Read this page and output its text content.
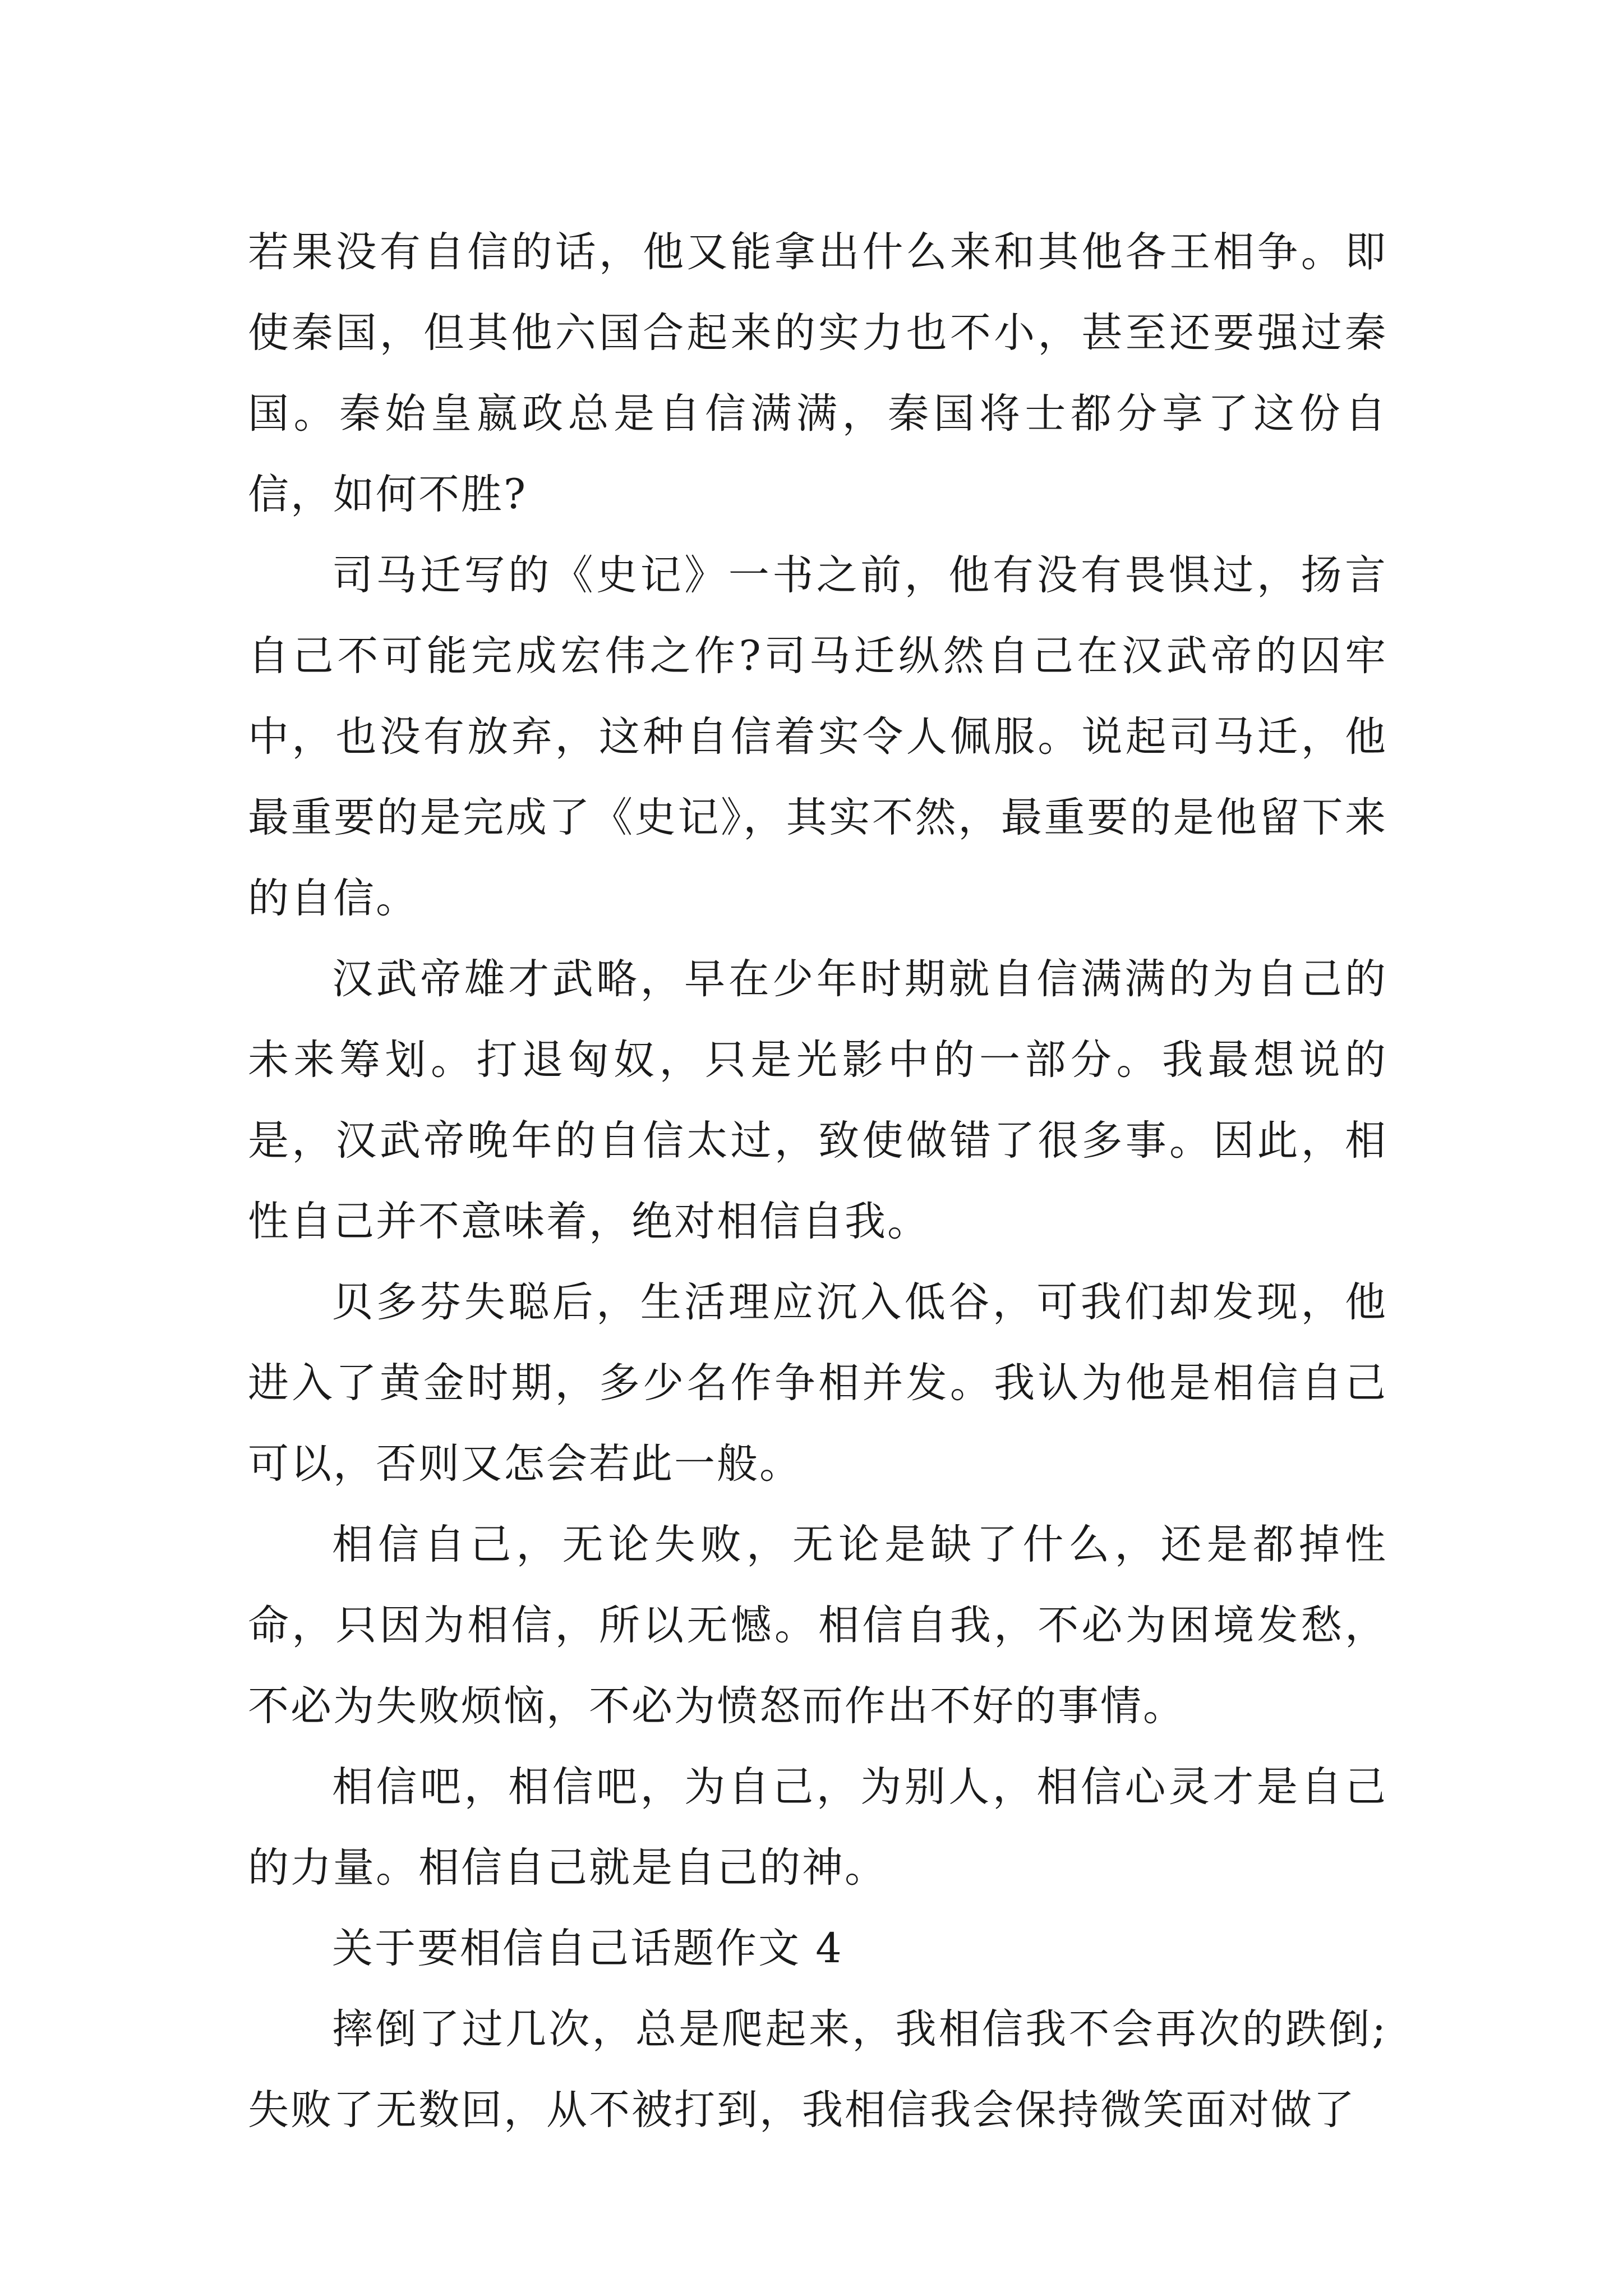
若果没有自信的话，他又能拿出什么来和其他各王相争。即使秦国，但其他六国合起来的实力也不小，甚至还要强过秦国。秦始皇嬴政总是自信满满，秦国将士都分享了这份自信，如何不胜?

司马迁写的《史记》一书之前，他有没有畏惧过，扬言自己不可能完成宏伟之作?司马迁纵然自己在汉武帝的囚牢中，也没有放弃，这种自信着实令人佩服。说起司马迁，他最重要的是完成了《史记》，其实不然，最重要的是他留下来的自信。

汉武帝雄才武略，早在少年时期就自信满满的为自己的未来筹划。打退匈奴，只是光影中的一部分。我最想说的是，汉武帝晚年的自信太过，致使做错了很多事。因此，相性自己并不意味着，绝对相信自我。

贝多芬失聪后，生活理应沉入低谷，可我们却发现，他进入了黄金时期，多少名作争相并发。我认为他是相信自己可以，否则又怎会若此一般。

相信自己，无论失败，无论是缺了什么，还是都掉性命，只因为相信，所以无憾。相信自我，不必为困境发愁，不必为失败烦恼，不必为愤怒而作出不好的事情。

相信吧，相信吧，为自己，为别人，相信心灵才是自己的力量。相信自己就是自己的神。

关于要相信自己话题作文 4

摔倒了过几次，总是爬起来，我相信我不会再次的跌倒;失败了无数回，从不被打到，我相信我会保持微笑面对做了
